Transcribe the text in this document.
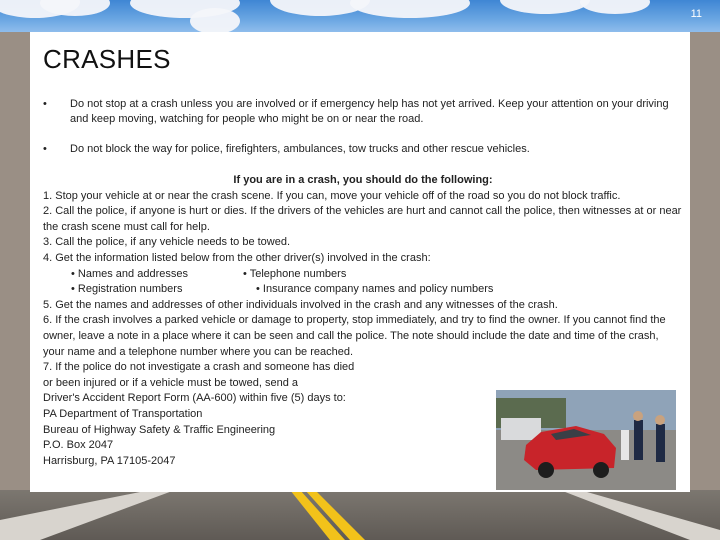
11
CRASHES
• Do not stop at a crash unless you are involved or if emergency help has not yet arrived. Keep your attention on your driving and keep moving, watching for people who might be on or near the road.
• Do not block the way for police, firefighters, ambulances, tow trucks and other rescue vehicles.
If you are in a crash, you should do the following:
1. Stop your vehicle at or near the crash scene. If you can, move your vehicle off of the road so you do not block traffic.
2. Call the police, if anyone is hurt or dies. If the drivers of the vehicles are hurt and cannot call the police, then witnesses at or near the crash scene must call for help.
3. Call the police, if any vehicle needs to be towed.
4. Get the information listed below from the other driver(s) involved in the crash:
• Names and addresses	• Telephone numbers
• Registration numbers	• Insurance company names and policy numbers
5. Get the names and addresses of other individuals involved in the crash and any witnesses of the crash.
6. If the crash involves a parked vehicle or damage to property, stop immediately, and try to find the owner. If you cannot find the owner, leave a note in a place where it can be seen and call the police. The note should include the date and time of the crash, your name and a telephone number where you can be reached.
7. If the police do not investigate a crash and someone has died
or been injured or if a vehicle must be towed, send a
Driver's Accident Report Form (AA-600) within five (5) days to:
PA Department of Transportation
Bureau of Highway Safety & Traffic Engineering
P.O. Box 2047
Harrisburg, PA 17105-2047
